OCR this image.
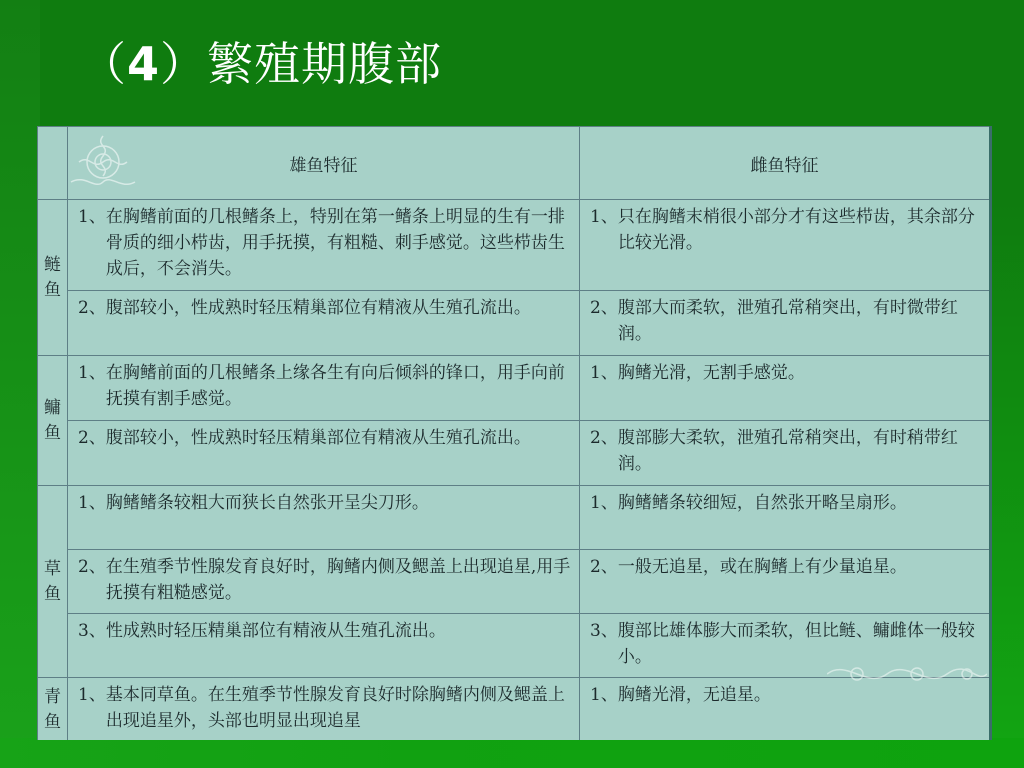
（4）繁殖期腹部
	雄鱼特征	雌鱼特征
鲢鱼	1、 在胸鳍前面的几根鳍条上，特别在第一鳍条上明显的生有一排骨质的细小栉齿，用手抚摸，有粗糙、刺手感觉。这些栉齿生成后，不会消失。	1、 只在胸鳍末梢很小部分才有这些栉齿，其余部分比较光滑。

	2、 腹部较小，性成熟时轻压精巢部位有精液从生殖孔流出。	2、 腹部大而柔软，泄殖孔常稍突出，有时微带红润。

鳙鱼	1、 在胸鳍前面的几根鳍条上缘各生有向后倾斜的锋口，用手向前抚摸有割手感觉。	1、 胸鳍光滑，无割手感觉。

	2、 腹部较小，性成熟时轻压精巢部位有精液从生殖孔流出。	2、 腹部膨大柔软，泄殖孔常稍突出，有时稍带红润。

草鱼	1、 胸鳍鳍条较粗大而狭长自然张开呈尖刀形。	1、 胸鳍鳍条较细短，自然张开略呈扇形。

	2、 在生殖季节性腺发育良好时，胸鳍内侧及鳃盖上出现追星,用手抚摸有粗糙感觉。	2、 一般无追星，或在胸鳍上有少量追星。

	3、 性成熟时轻压精巢部位有精液从生殖孔流出。	3、 腹部比雄体膨大而柔软，但比鲢、鳙雌体一般较小。

青鱼	1、 基本同草鱼。在生殖季节性腺发育良好时除胸鳍内侧及鳃盖上出现追星外，头部也明显出现追星	1、 胸鳍光滑，无追星。
